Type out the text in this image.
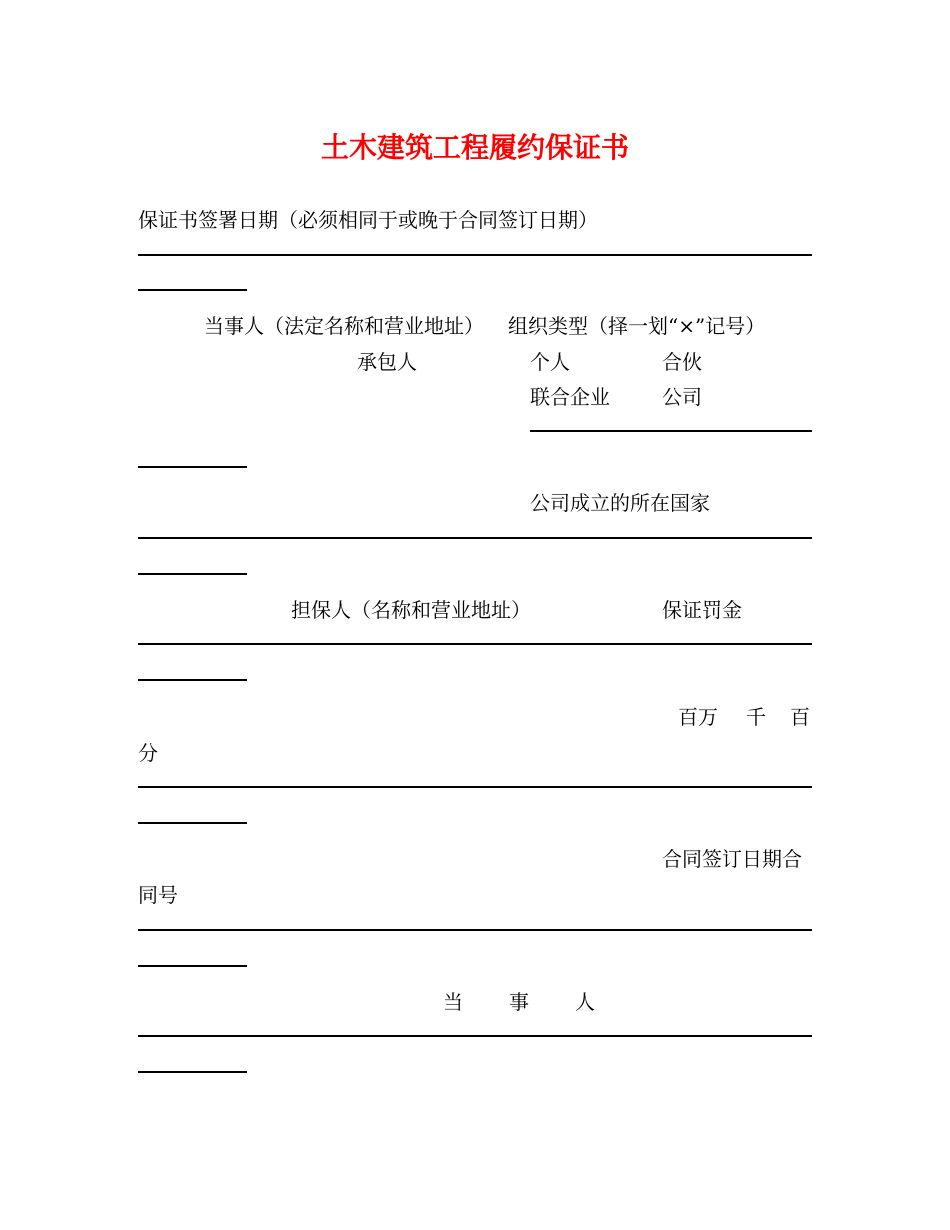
土木建筑工程履约保证书
保证书签署日期（必须相同于或晚于合同签订日期）
当事人（法定名称和营业地址） 组织类型（择一划“×”记号）
承包人	个人	合伙
联合企业	公司
公司成立的所在国家
担保人（名称和营业地址）	保证罚金
百万 千 百
分
合同签订日期合
同号
当 事 人
